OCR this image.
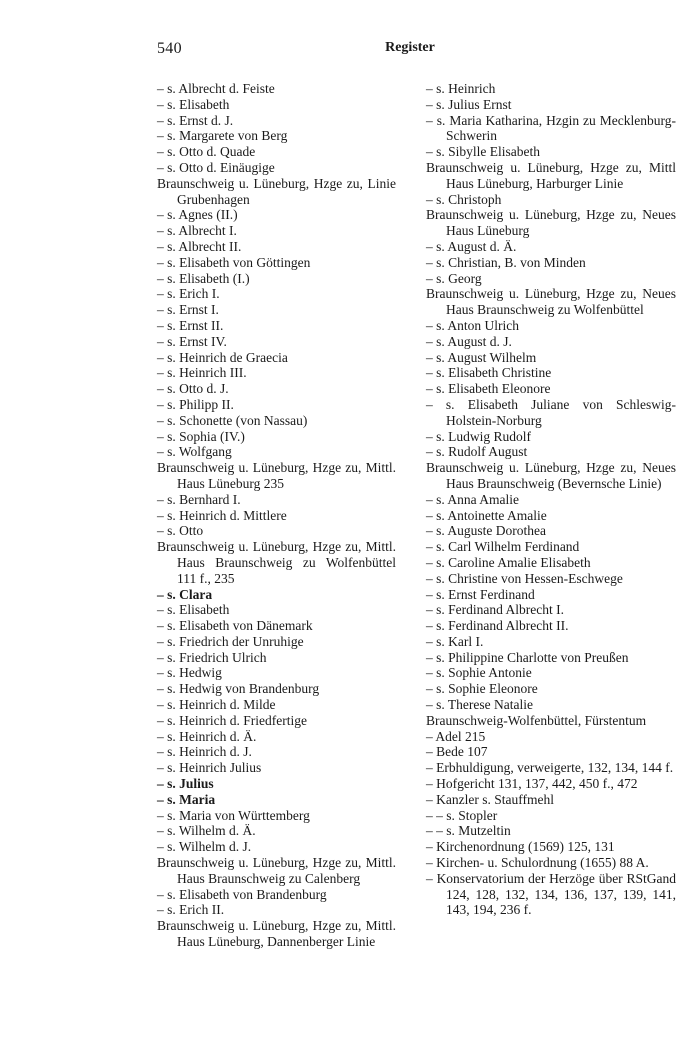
540	Register
– s. Albrecht d. Feiste
– s. Elisabeth
– s. Ernst d. J.
– s. Margarete von Berg
– s. Otto d. Quade
– s. Otto d. Einäugige
Braunschweig u. Lüneburg, Hzge zu, Linie Grubenhagen
– s. Agnes (II.)
– s. Albrecht I.
– s. Albrecht II.
– s. Elisabeth von Göttingen
– s. Elisabeth (I.)
– s. Erich I.
– s. Ernst I.
– s. Ernst II.
– s. Ernst IV.
– s. Heinrich de Graecia
– s. Heinrich III.
– s. Otto d. J.
– s. Philipp II.
– s. Schonette (von Nassau)
– s. Sophia (IV.)
– s. Wolfgang
Braunschweig u. Lüneburg, Hzge zu, Mittl. Haus Lüneburg 235
– s. Bernhard I.
– s. Heinrich d. Mittlere
– s. Otto
Braunschweig u. Lüneburg, Hzge zu, Mittl. Haus Braunschweig zu Wolfenbüttel 111 f., 235
– s. Clara
– s. Elisabeth
– s. Elisabeth von Dänemark
– s. Friedrich der Unruhige
– s. Friedrich Ulrich
– s. Hedwig
– s. Hedwig von Brandenburg
– s. Heinrich d. Milde
– s. Heinrich d. Friedfertige
– s. Heinrich d. Ä.
– s. Heinrich d. J.
– s. Heinrich Julius
– s. Julius
– s. Maria
– s. Maria von Württemberg
– s. Wilhelm d. Ä.
– s. Wilhelm d. J.
Braunschweig u. Lüneburg, Hzge zu, Mittl. Haus Braunschweig zu Calenberg
– s. Elisabeth von Brandenburg
– s. Erich II.
Braunschweig u. Lüneburg, Hzge zu, Mittl. Haus Lüneburg, Dannenberger Linie
– s. Heinrich
– s. Julius Ernst
– s. Maria Katharina, Hzgin zu Mecklenburg-Schwerin
– s. Sibylle Elisabeth
Braunschweig u. Lüneburg, Hzge zu, Mittl Haus Lüneburg, Harburger Linie
– s. Christoph
Braunschweig u. Lüneburg, Hzge zu, Neues Haus Lüneburg
– s. August d. Ä.
– s. Christian, B. von Minden
– s. Georg
Braunschweig u. Lüneburg, Hzge zu, Neues Haus Braunschweig zu Wolfenbüttel
– s. Anton Ulrich
– s. August d. J.
– s. August Wilhelm
– s. Elisabeth Christine
– s. Elisabeth Eleonore
– s. Elisabeth Juliane von Schleswig-Holstein-Norburg
– s. Ludwig Rudolf
– s. Rudolf August
Braunschweig u. Lüneburg, Hzge zu, Neues Haus Braunschweig (Bevernsche Linie)
– s. Anna Amalie
– s. Antoinette Amalie
– s. Auguste Dorothea
– s. Carl Wilhelm Ferdinand
– s. Caroline Amalie Elisabeth
– s. Christine von Hessen-Eschwege
– s. Ernst Ferdinand
– s. Ferdinand Albrecht I.
– s. Ferdinand Albrecht II.
– s. Karl I.
– s. Philippine Charlotte von Preußen
– s. Sophie Antonie
– s. Sophie Eleonore
– s. Therese Natalie
Braunschweig-Wolfenbüttel, Fürstentum
– Adel 215
– Bede 107
– Erbhuldigung, verweigerte, 132, 134, 144 f.
– Hofgericht 131, 137, 442, 450 f., 472
– Kanzler s. Stauffmehl
– – s. Stopler
– – s. Mutzeltin
– Kirchenordnung (1569) 125, 131
– Kirchen- u. Schulordnung (1655) 88 A.
– Konservatorium der Herzöge über RStGand 124, 128, 132, 134, 136, 137, 139, 141, 143, 194, 236 f.
